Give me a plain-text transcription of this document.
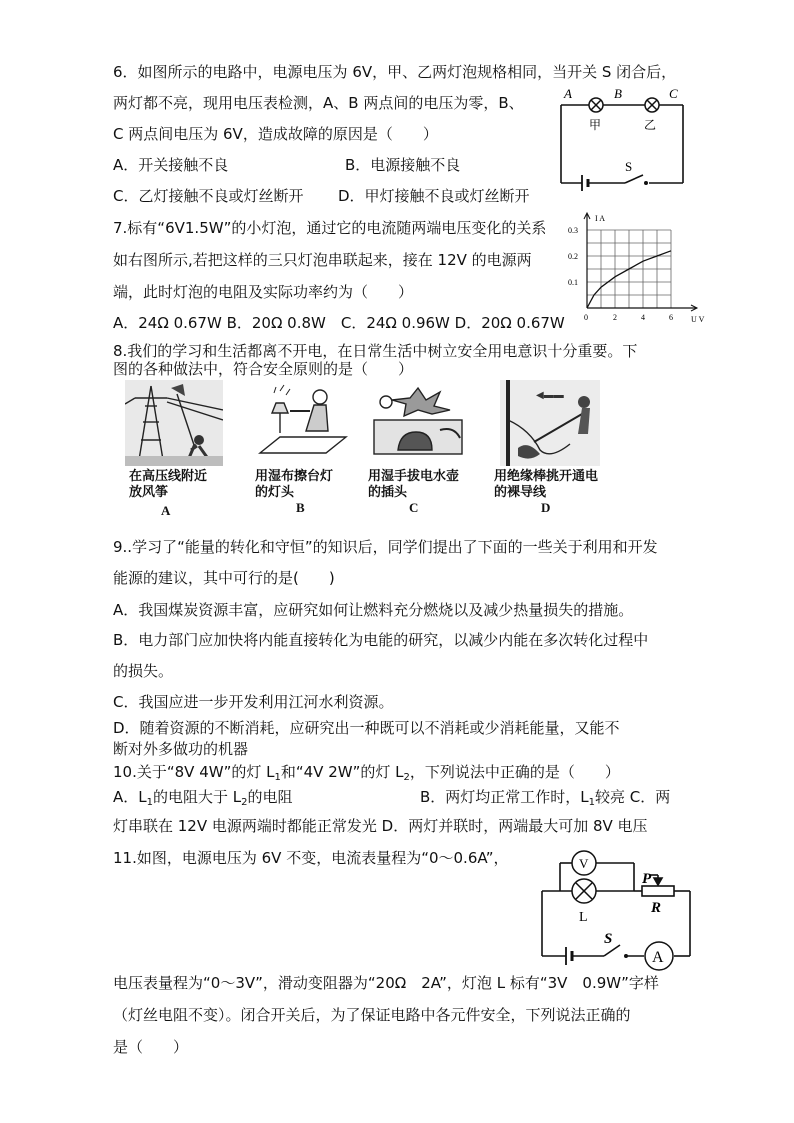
6．如图所示的电路中，电源电压为 6V，甲、乙两灯泡规格相同，当开关 S 闭合后，
两灯都不亮，现用电压表检测，A、B 两点间的电压为零，B、
C 两点间电压为 6V，造成故障的原因是（　　）
A．开关接触不良	B．电源接触不良
C．乙灯接触不良或灯丝断开 D．甲灯接触不良或灯丝断开
A	B	C
甲	乙
S
7.标有“6V1.5W”的小灯泡，通过它的电流随两端电压变化的关系
如右图所示,若把这样的三只灯泡串联起来，接在 12V 的电源两
端，此时灯泡的电阻及实际功率约为（　　）
A．24Ω 0.67W B．20Ω 0.8W　C．24Ω 0.96W D．20Ω 0.67W
I A
U V
0	2	4	6
0.1
0.2
0.3
8.我们的学习和生活都离不开电，在日常生活中树立安全用电意识十分重要。下
图的各种做法中，符合安全原则的是（　　）
在高压线附近
放风筝
A
用湿布擦台灯
的灯头
B
用湿手拔电水壶
的插头
C
◀▬▬
用绝缘棒挑开通电
的裸导线
D
9..学习了“能量的转化和守恒”的知识后，同学们提出了下面的一些关于利用和开发
能源的建议，其中可行的是(　　)
A．我国煤炭资源丰富，应研究如何让燃料充分燃烧以及减少热量损失的措施。
B．电力部门应加快将内能直接转化为电能的研究，以减少内能在多次转化过程中
的损失。
C．我国应进一步开发利用江河水利资源。
D．随着资源的不断消耗，应研究出一种既可以不消耗或少消耗能量，又能不
断对外多做功的机器
10.关于“8V 4W”的灯 $L_1$和“4V 2W”的灯 $L_2$，下列说法中正确的是（　　）
A．$L_1$的电阻大于 $L_2$的电阻	B．两灯均正常工作时，$L_1$较亮 C．两
灯串联在 12V 电源两端时都能正常发光 D．两灯并联时，两端最大可加 8V 电压
11.如图，电源电压为 6V 不变，电流表量程为“0～0.6A”，	V
L
P
R
S
A
电压表量程为“0～3V”，滑动变阻器为“20Ω　2A”，灯泡 L 标有“3V　0.9W”字样
（灯丝电阻不变）。闭合开关后，为了保证电路中各元件安全，下列说法正确的
是（　　）
